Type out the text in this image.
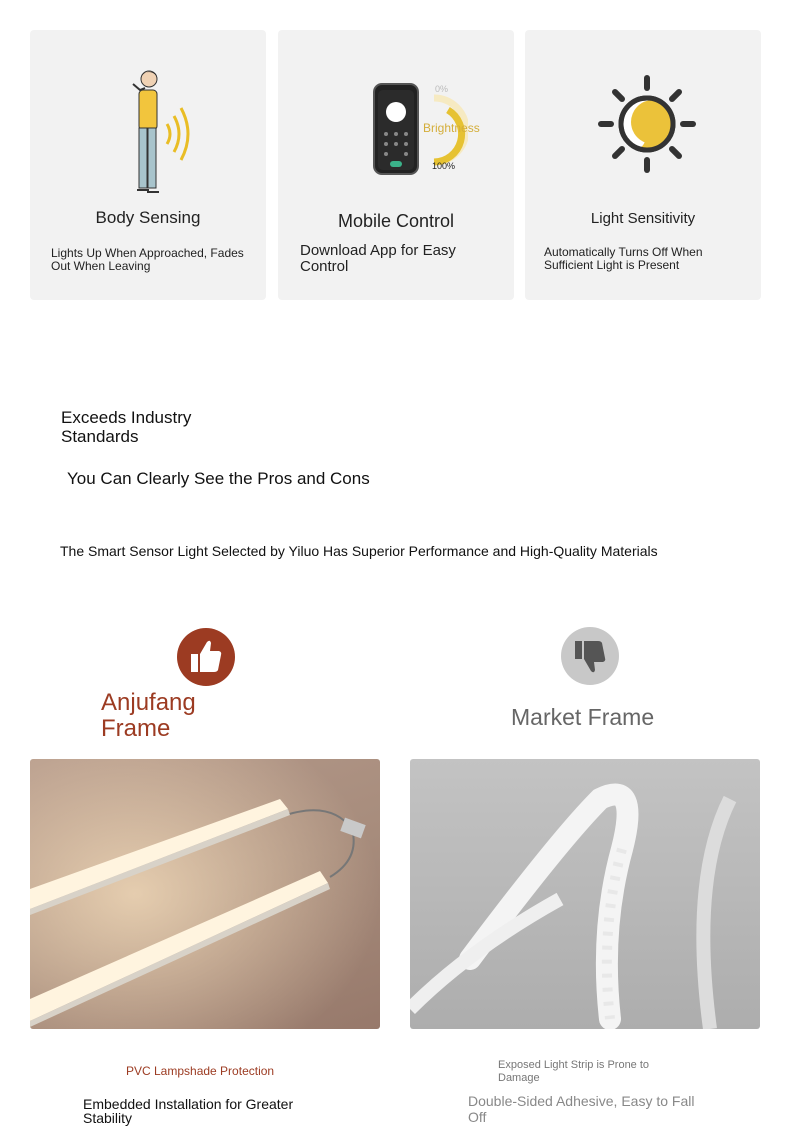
Body Sensing
Lights Up When Approached, Fades Out When Leaving
0%
Brightness
100%
Mobile Control
Download App for Easy Control
Light Sensitivity
Automatically Turns Off When Sufficient Light is Present
Exceeds Industry Standards
You Can Clearly See the Pros and Cons
The Smart Sensor Light Selected by Yiluo Has Superior Performance and High-Quality Materials
Anjufang Frame	Market Frame
PVC Lampshade Protection
Embedded Installation for Greater Stability
Exposed Light Strip is Prone to Damage
Double-Sided Adhesive, Easy to Fall Off
